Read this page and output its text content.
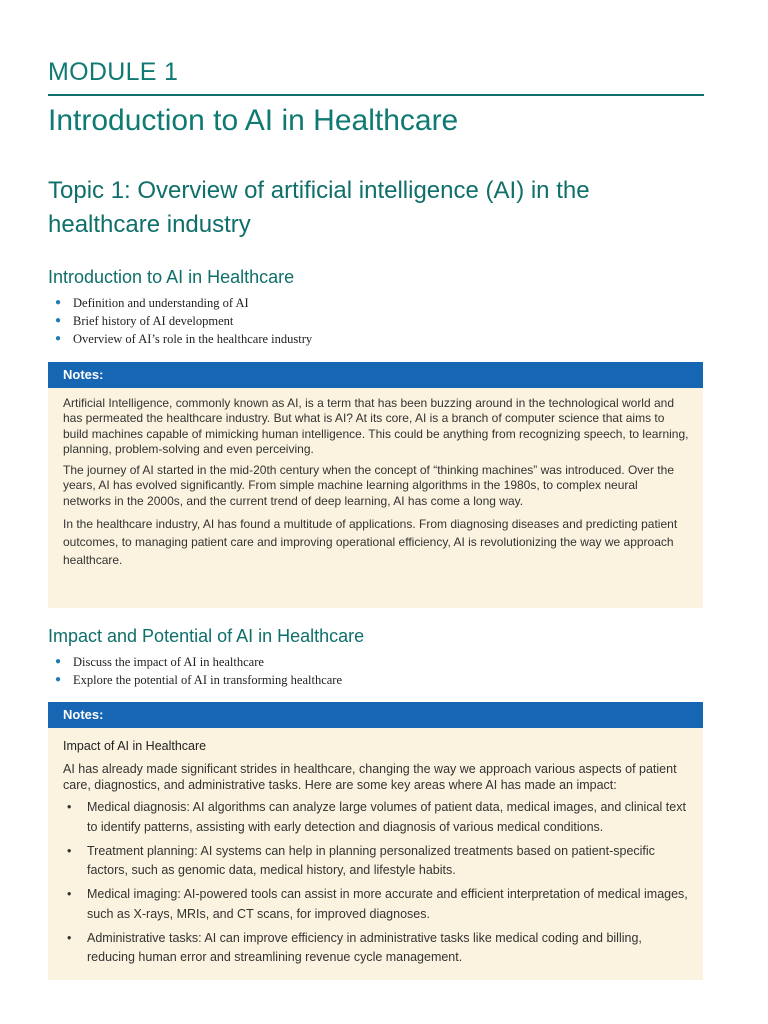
MODULE 1
Introduction to AI in Healthcare
Topic 1: Overview of artificial intelligence (AI) in the healthcare industry
Introduction to AI in Healthcare
● Definition and understanding of AI
● Brief history of AI development
● Overview of AI’s role in the healthcare industry
Notes:

Artificial Intelligence, commonly known as AI, is a term that has been buzzing around in the technological world and has permeated the healthcare industry. But what is AI? At its core, AI is a branch of computer science that aims to build machines capable of mimicking human intelligence. This could be anything from recognizing speech, to learning, planning, problem-solving and even perceiving.

The journey of AI started in the mid-20th century when the concept of “thinking machines” was introduced. Over the years, AI has evolved significantly. From simple machine learning algorithms in the 1980s, to complex neural networks in the 2000s, and the current trend of deep learning, AI has come a long way.

In the healthcare industry, AI has found a multitude of applications. From diagnosing diseases and predicting patient outcomes, to managing patient care and improving operational efficiency, AI is revolutionizing the way we approach healthcare.

Impact and Potential of AI in Healthcare
● Discuss the impact of AI in healthcare
● Explore the potential of AI in transforming healthcare
Notes:
Impact of AI in Healthcare

AI has already made significant strides in healthcare, changing the way we approach various aspects of patient care, diagnostics, and administrative tasks. Here are some key areas where AI has made an impact:

• Medical diagnosis: AI algorithms can analyze large volumes of patient data, medical images, and clinical text to identify patterns, assisting with early detection and diagnosis of various medical conditions.
• Treatment planning: AI systems can help in planning personalized treatments based on patient-specific factors, such as genomic data, medical history, and lifestyle habits.
• Medical imaging: AI-powered tools can assist in more accurate and efficient interpretation of medical images, such as X-rays, MRIs, and CT scans, for improved diagnoses.
• Administrative tasks: AI can improve efficiency in administrative tasks like medical coding and billing, reducing human error and streamlining revenue cycle management.
